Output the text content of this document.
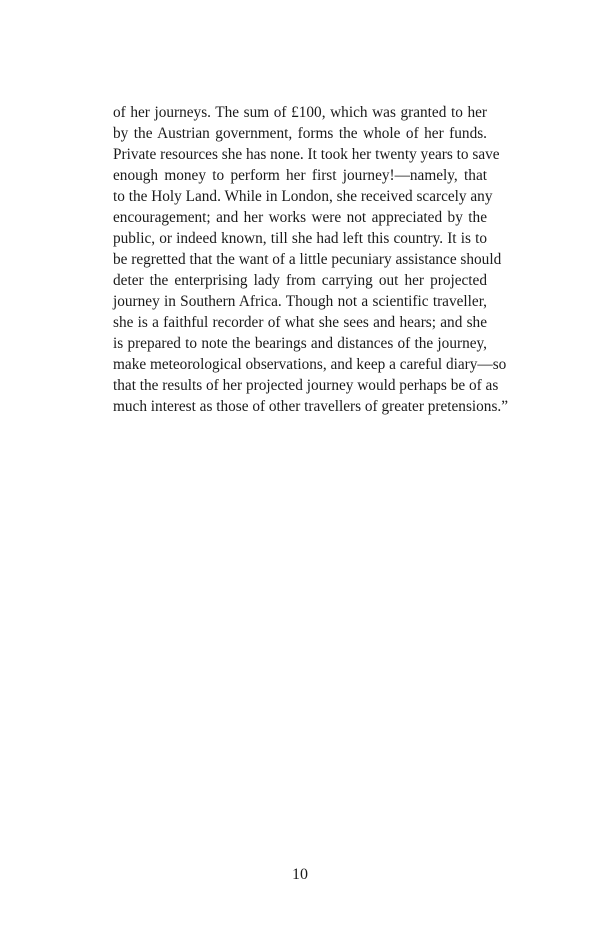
of her journeys. The sum of £100, which was granted to her
by the Austrian government, forms the whole of her funds.
Private resources she has none. It took her twenty years to save
enough money to perform her first journey!—namely, that
to the Holy Land. While in London, she received scarcely any
encouragement; and her works were not appreciated by the
public, or indeed known, till she had left this country. It is to
be regretted that the want of a little pecuniary assistance should
deter the enterprising lady from carrying out her projected
journey in Southern Africa. Though not a scientific traveller,
she is a faithful recorder of what she sees and hears; and she
is prepared to note the bearings and distances of the journey,
make meteorological observations, and keep a careful diary—so
that the results of her projected journey would perhaps be of as
much interest as those of other travellers of greater pretensions.”
10
